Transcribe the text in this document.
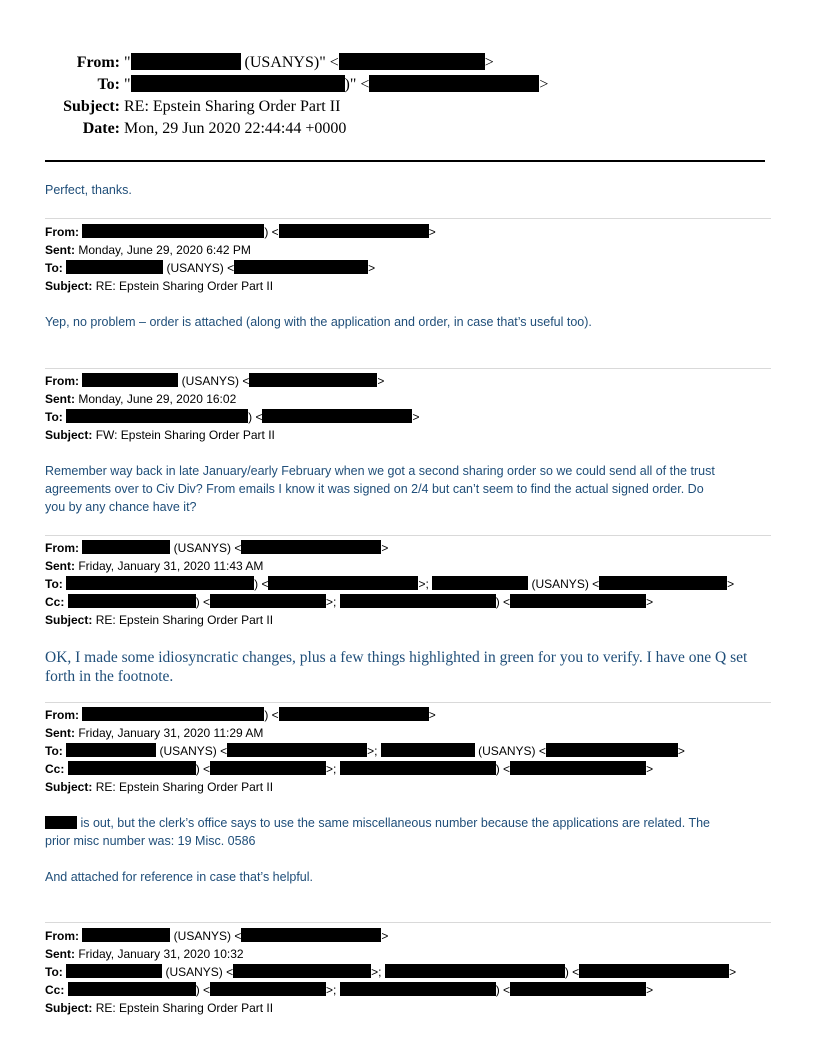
From: "	(USANYS)" <	>
To: "	)" <	>
Subject: RE: Epstein Sharing Order Part II
Date: Mon, 29 Jun 2020 22:44:44 +0000
Perfect, thanks.
From:	) <	>
Sent: Monday, June 29, 2020 6:42 PM
To:	(USANYS) <	>
Subject: RE: Epstein Sharing Order Part II
Yep, no problem – order is attached (along with the application and order, in case that’s useful too).
From:	(USANYS) <	>
Sent: Monday, June 29, 2020 16:02
To:	) <	>
Subject: FW: Epstein Sharing Order Part II
Remember way back in late January/early February when we got a second sharing order so we could send all of the trust
agreements over to Civ Div? From emails I know it was signed on 2/4 but can’t seem to find the actual signed order. Do
you by any chance have it?
From:	(USANYS) <	>
Sent: Friday, January 31, 2020 11:43 AM
To:	) <	>;	(USANYS) <	>
Cc:	) <	>;	) <	>
Subject: RE: Epstein Sharing Order Part II
OK, I made some idiosyncratic changes, plus a few things highlighted in green for you to verify. I have one Q set
forth in the footnote.
From:	) <	>
Sent: Friday, January 31, 2020 11:29 AM
To:	(USANYS) <	>;	(USANYS) <	>
Cc:	) <	>;	) <	>
Subject: RE: Epstein Sharing Order Part II
is out, but the clerk’s office says to use the same miscellaneous number because the applications are related. The
prior misc number was: 19 Misc. 0586
And attached for reference in case that’s helpful.
From:	(USANYS) <	>
Sent: Friday, January 31, 2020 10:32
To:	(USANYS) <	>;	) <	>
Cc:	) <	>;	) <	>
Subject: RE: Epstein Sharing Order Part II
